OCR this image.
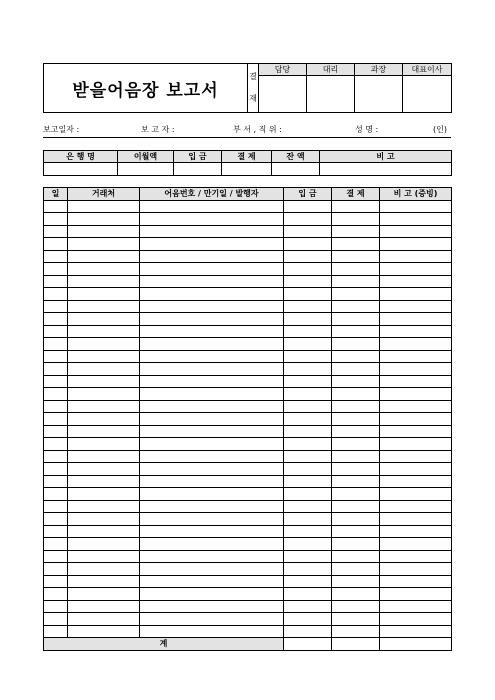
받을어음장 보고서	결
재	담당	대리	과장	대표이사

보고일자 :	보 고 자 :	부 서 , 직 위 :	성 명 :	(인)
은 행 명	이월액	입 금	결 제	잔 액	비 고

일	거래처	어음번호 / 만기일 / 발행자	입 금	결 제	비 고 (증빙)

계					
